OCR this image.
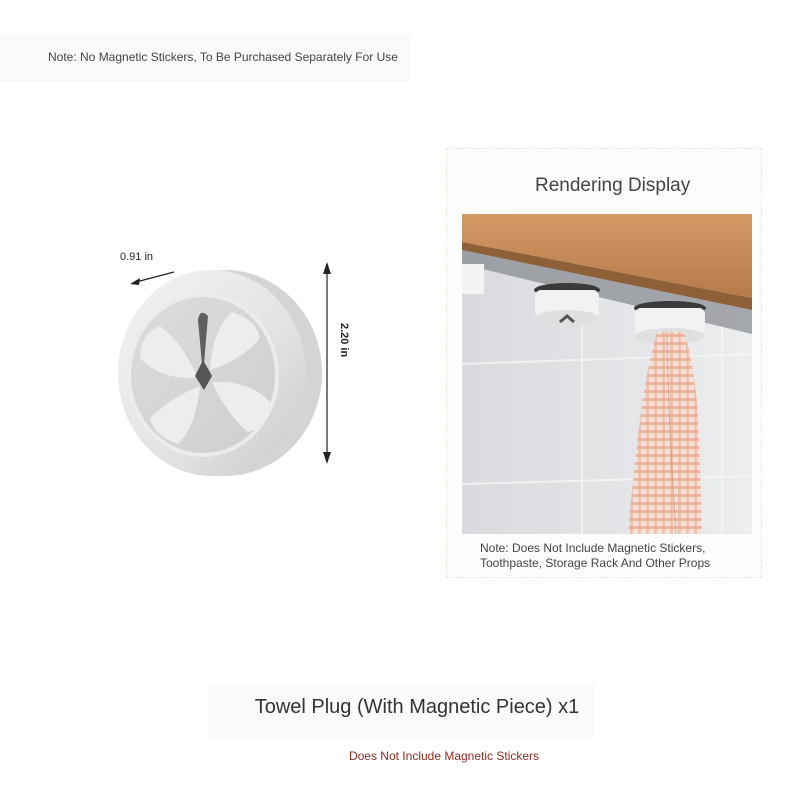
Note: No Magnetic Stickers, To Be Purchased Separately For Use
0.91 in
2.20 in
Rendering Display
Note: Does Not Include Magnetic Stickers, Toothpaste, Storage Rack And Other Props
Towel Plug (With Magnetic Piece) x1
Does Not Include Magnetic Stickers
